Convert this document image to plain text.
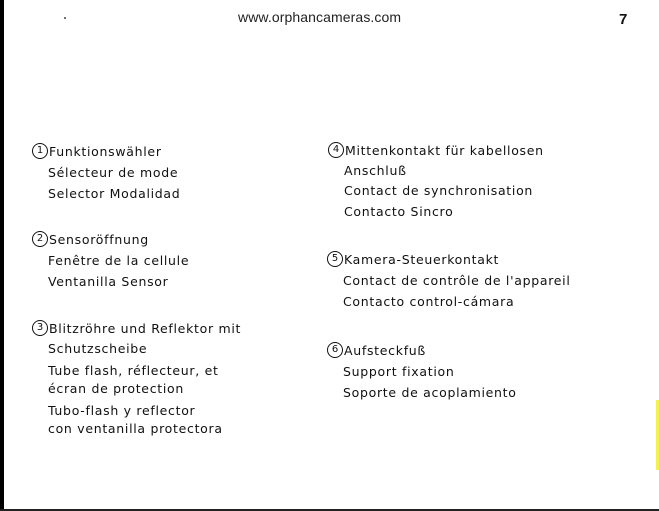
www.orphancameras.com	7
1 Funktionswähler
Sélecteur de mode
Selector Modalidad
2 Sensoröffnung
Fenêtre de la cellule
Ventanilla Sensor
3 Blitzröhre und Reflektor mit
Schutzscheibe
Tube flash, réflecteur, et
écran de protection
Tubo-flash y reflector
con ventanilla protectora
4 Mittenkontakt für kabellosen
Anschluß
Contact de synchronisation
Contacto Sincro
5 Kamera-Steuerkontakt
Contact de contrôle de l'appareil
Contacto control-cámara
6 Aufsteckfuß
Support fixation
Soporte de acoplamiento
